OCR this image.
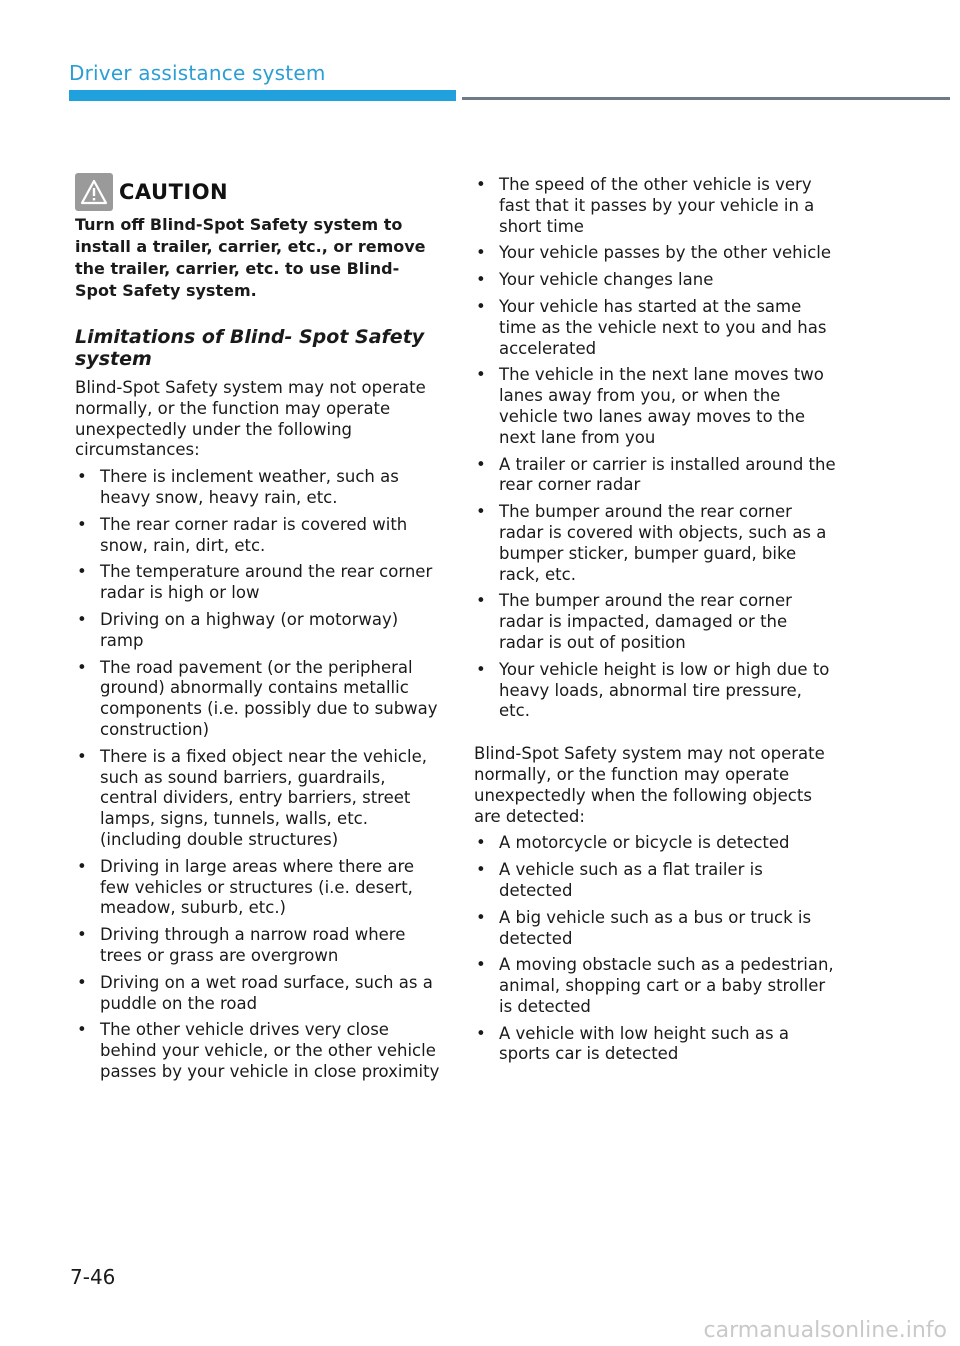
Driver assistance system
CAUTION
Turn off Blind-Spot Safety system to install a trailer, carrier, etc., or remove the trailer, carrier, etc. to use Blind-Spot Safety system.
Limitations of Blind- Spot Safety system
Blind-Spot Safety system may not operate normally, or the function may operate unexpectedly under the following circumstances:
• There is inclement weather, such as heavy snow, heavy rain, etc.
• The rear corner radar is covered with snow, rain, dirt, etc.
• The temperature around the rear corner radar is high or low
• Driving on a highway (or motorway) ramp
• The road pavement (or the peripheral ground) abnormally contains metallic components (i.e. possibly due to subway construction)
• There is a fixed object near the vehicle, such as sound barriers, guardrails, central dividers, entry barriers, street lamps, signs, tunnels, walls, etc. (including double structures)
• Driving in large areas where there are few vehicles or structures (i.e. desert, meadow, suburb, etc.)
• Driving through a narrow road where trees or grass are overgrown
• Driving on a wet road surface, such as a puddle on the road
• The other vehicle drives very close behind your vehicle, or the other vehicle passes by your vehicle in close proximity
• The speed of the other vehicle is very fast that it passes by your vehicle in a short time
• Your vehicle passes by the other vehicle
• Your vehicle changes lane
• Your vehicle has started at the same time as the vehicle next to you and has accelerated
• The vehicle in the next lane moves two lanes away from you, or when the vehicle two lanes away moves to the next lane from you
• A trailer or carrier is installed around the rear corner radar
• The bumper around the rear corner radar is covered with objects, such as a bumper sticker, bumper guard, bike rack, etc.
• The bumper around the rear corner radar is impacted, damaged or the radar is out of position
• Your vehicle height is low or high due to heavy loads, abnormal tire pressure, etc.
Blind-Spot Safety system may not operate normally, or the function may operate unexpectedly when the following objects are detected:
• A motorcycle or bicycle is detected
• A vehicle such as a flat trailer is detected
• A big vehicle such as a bus or truck is detected
• A moving obstacle such as a pedestrian, animal, shopping cart or a baby stroller is detected
• A vehicle with low height such as a sports car is detected
7-46
carmanualsonline.info
